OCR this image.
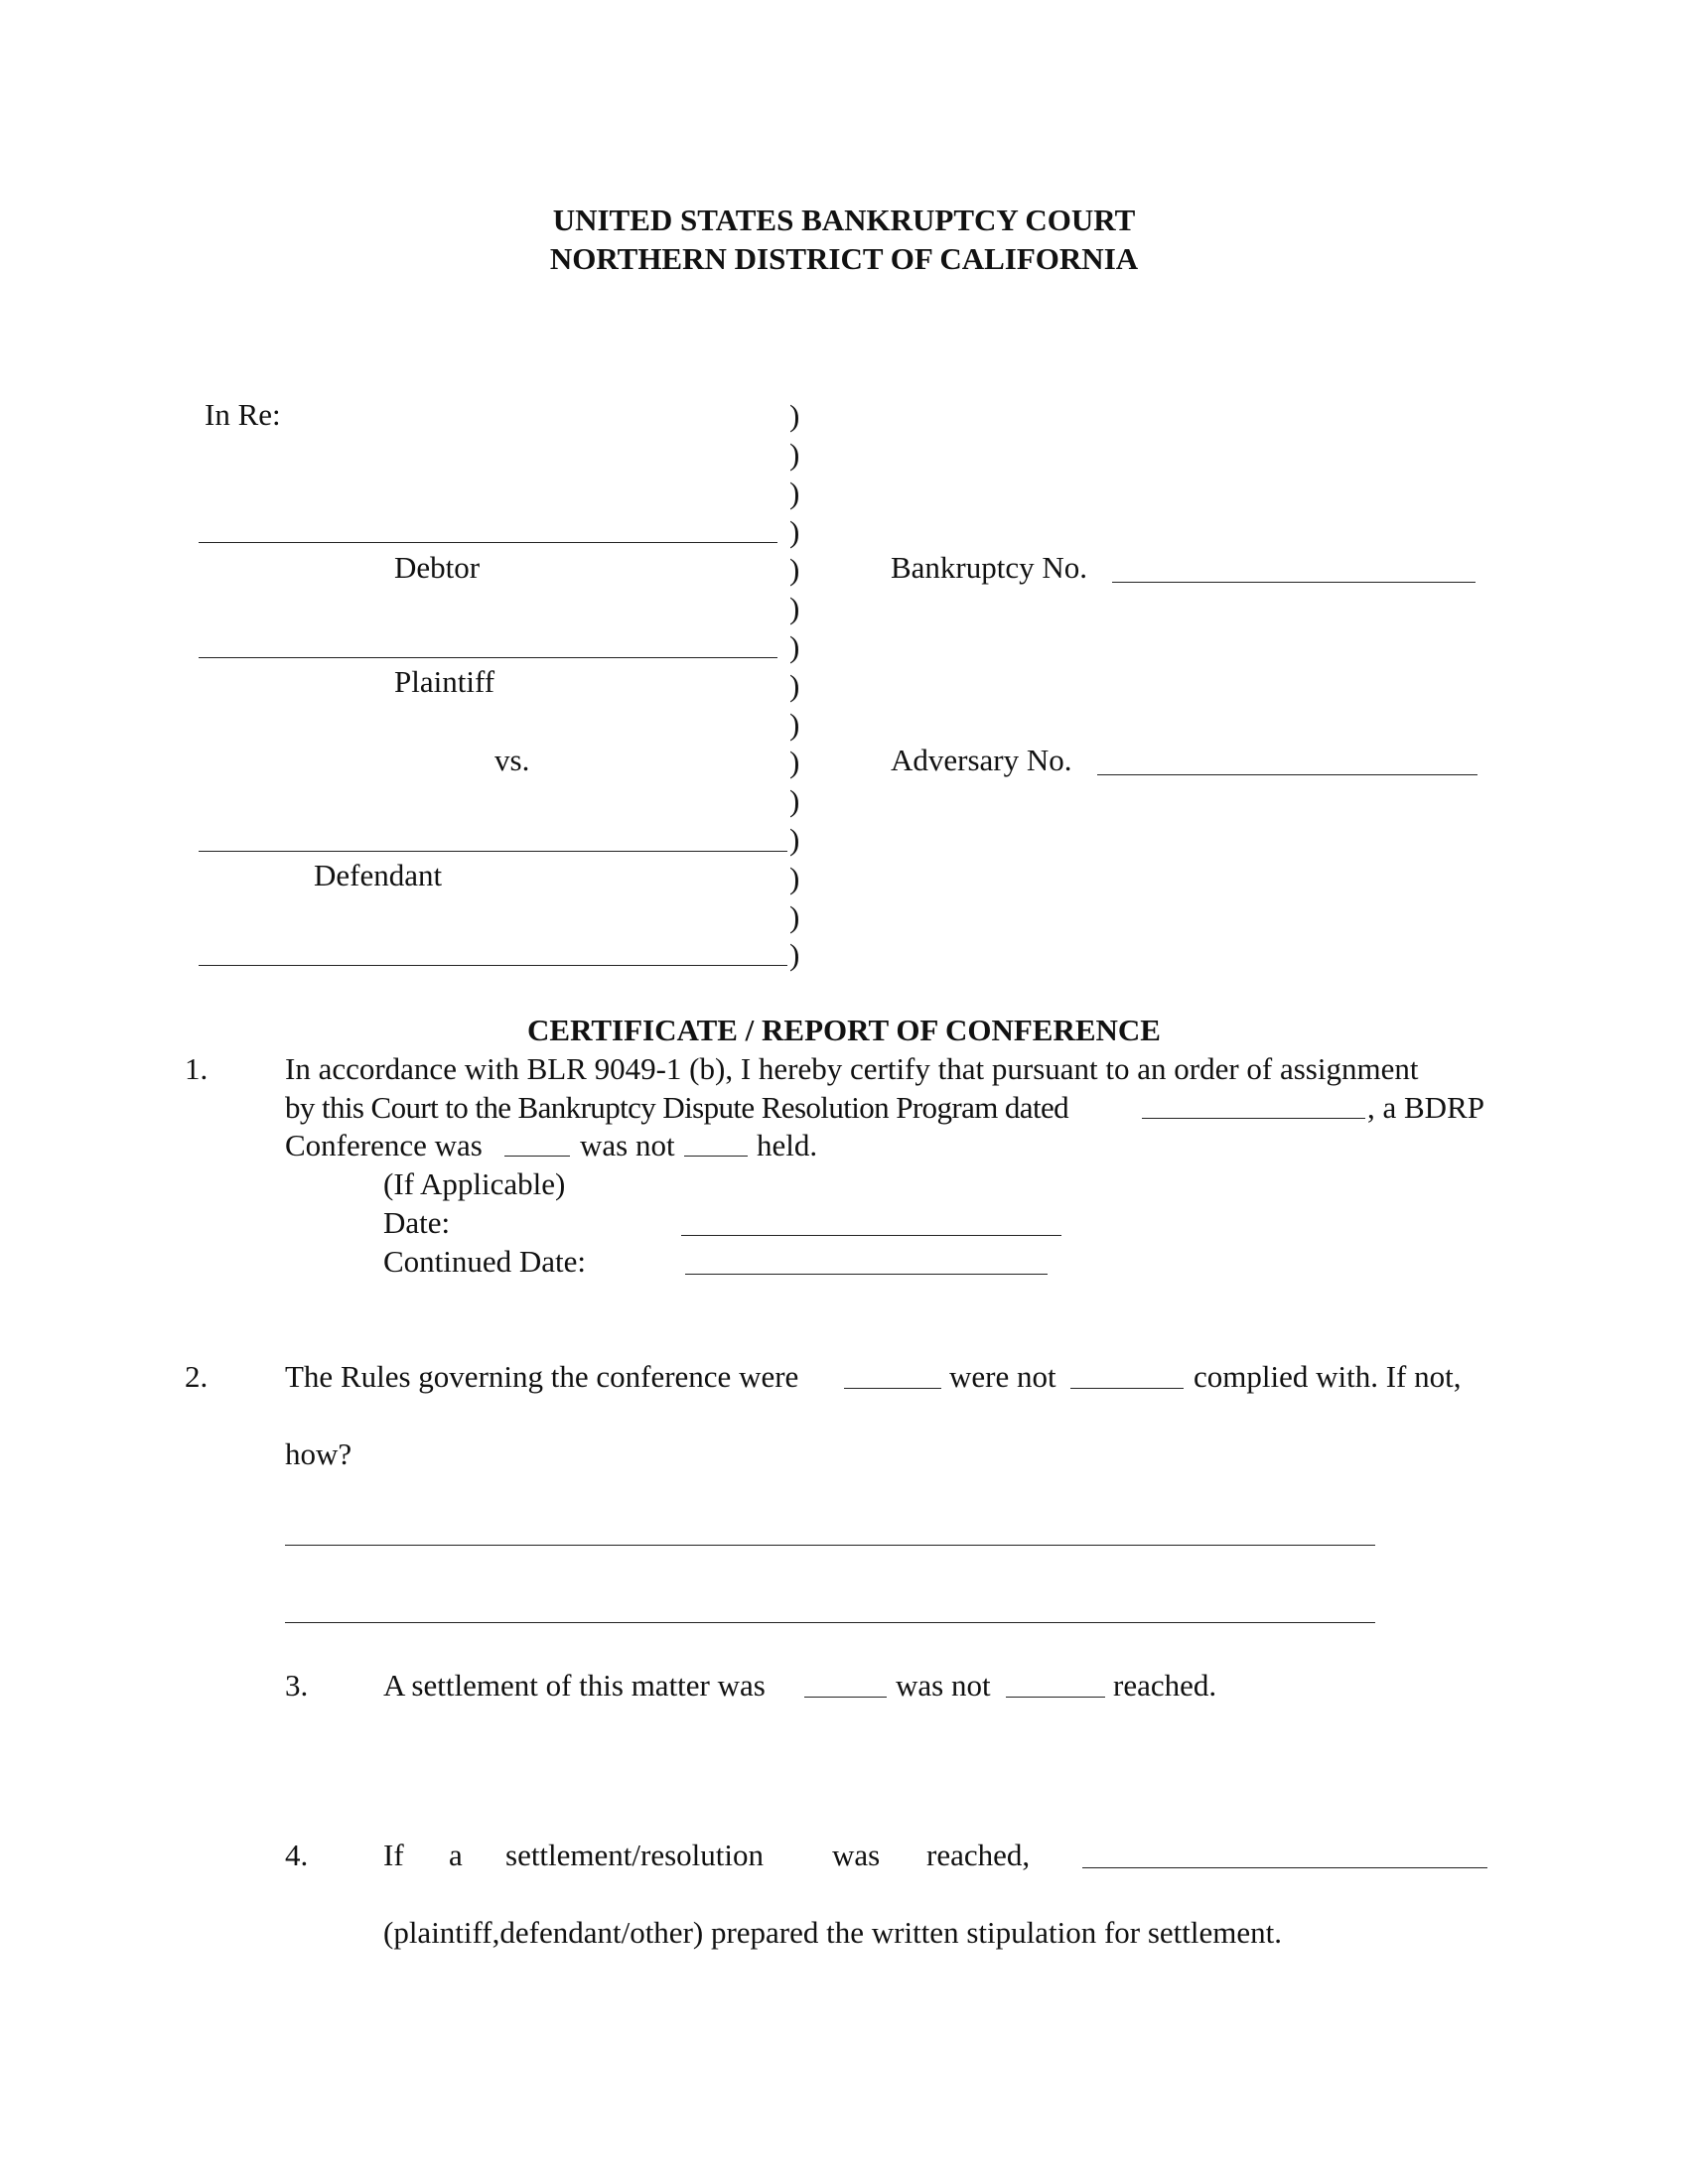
UNITED STATES BANKRUPTCY COURT
NORTHERN DISTRICT OF CALIFORNIA
In Re:
Debtor
Plaintiff
vs.
Defendant
)
)
)
)
)
)
)
)
)
)
)
)
)
)
)
Bankruptcy No.
Adversary No.
CERTIFICATE / REPORT OF CONFERENCE
1.	In accordance with BLR 9049-1 (b), I hereby certify that pursuant to an order of assignment
by this Court to the Bankruptcy Dispute Resolution Program dated	, a BDRP
Conference was	was not	held.
(If Applicable)
Date:
Continued Date:
2.	The Rules governing the conference were	were not	complied with. If not,
how?
3. A settlement of this matter was	was not	reached.
4. If a settlement/resolution was reached,
(plaintiff,defendant/other) prepared the written stipulation for settlement.
